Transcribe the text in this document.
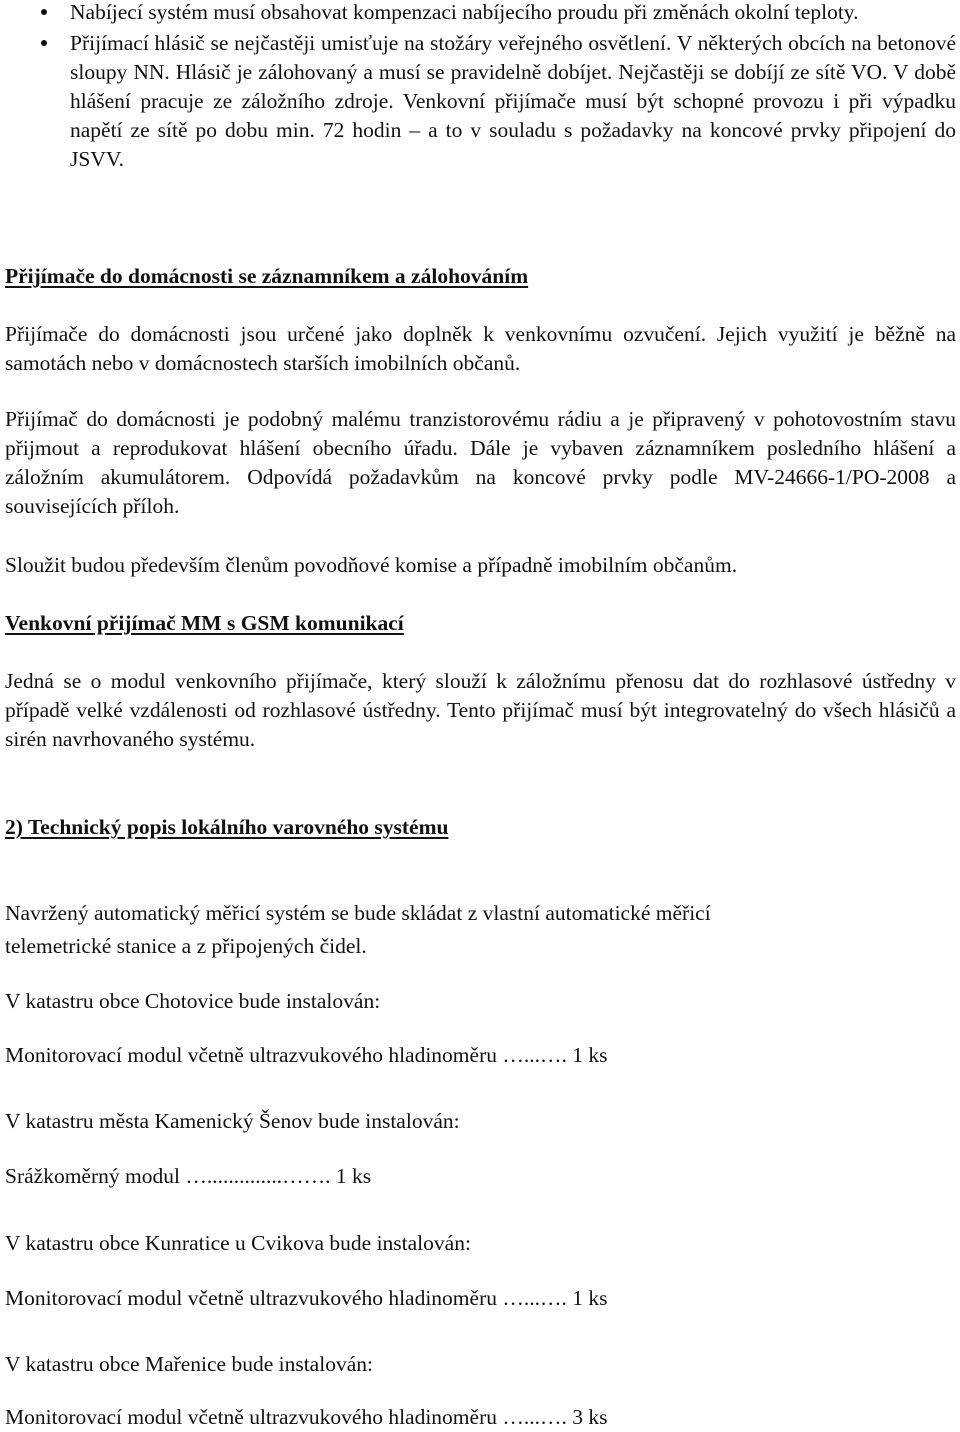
Nabíjecí systém musí obsahovat kompenzaci nabíjecího proudu při změnách okolní teploty.
Přijímací hlásič se nejčastěji umisťuje na stožáry veřejného osvětlení. V některých obcích na betonové sloupy NN. Hlásič je zálohovaný a musí se pravidelně dobíjet. Nejčastěji se dobíjí ze sítě VO. V době hlášení pracuje ze záložního zdroje. Venkovní přijímače musí být schopné provozu i při výpadku napětí ze sítě po dobu min. 72 hodin – a to v souladu s požadavky na koncové prvky připojení do JSVV.
Přijímače do domácnosti se záznamníkem a zálohováním
Přijímače do domácnosti jsou určené jako doplněk k venkovnímu ozvučení. Jejich využití je běžně na samotách nebo v domácnostech starších imobilních občanů.
Přijímač do domácnosti je podobný malému tranzistorovému rádiu a je připravený v pohotovostním stavu přijmout a reprodukovat hlášení obecního úřadu. Dále je vybaven záznamníkem posledního hlášení a záložním akumulátorem. Odpovídá požadavkům na koncové prvky podle MV-24666-1/PO-2008 a souvisejících příloh.
Sloužit budou především členům povodňové komise a případně imobilním občanům.
Venkovní přijímač MM s GSM komunikací
Jedná se o modul venkovního přijímače, který slouží k záložnímu přenosu dat do rozhlasové ústředny v případě velké vzdálenosti od rozhlasové ústředny. Tento přijímač musí být integrovatelný do všech hlásičů a sirén navrhovaného systému.
2) Technický popis lokálního varovného systému
Navržený automatický měřicí systém se bude skládat z vlastní automatické měřicí
telemetrické stanice a z připojených čidel.
V katastru obce Chotovice bude instalován:
Monitorovací modul včetně ultrazvukového hladinoměru …...…. 1 ks
V katastru města Kamenický Šenov bude instalován:
Srážkoměrný modul …..............……. 1 ks
V katastru obce Kunratice u Cvikova bude instalován:
Monitorovací modul včetně ultrazvukového hladinoměru …...…. 1 ks
V katastru obce Mařenice bude instalován:
Monitorovací modul včetně ultrazvukového hladinoměru …...…. 3 ks
